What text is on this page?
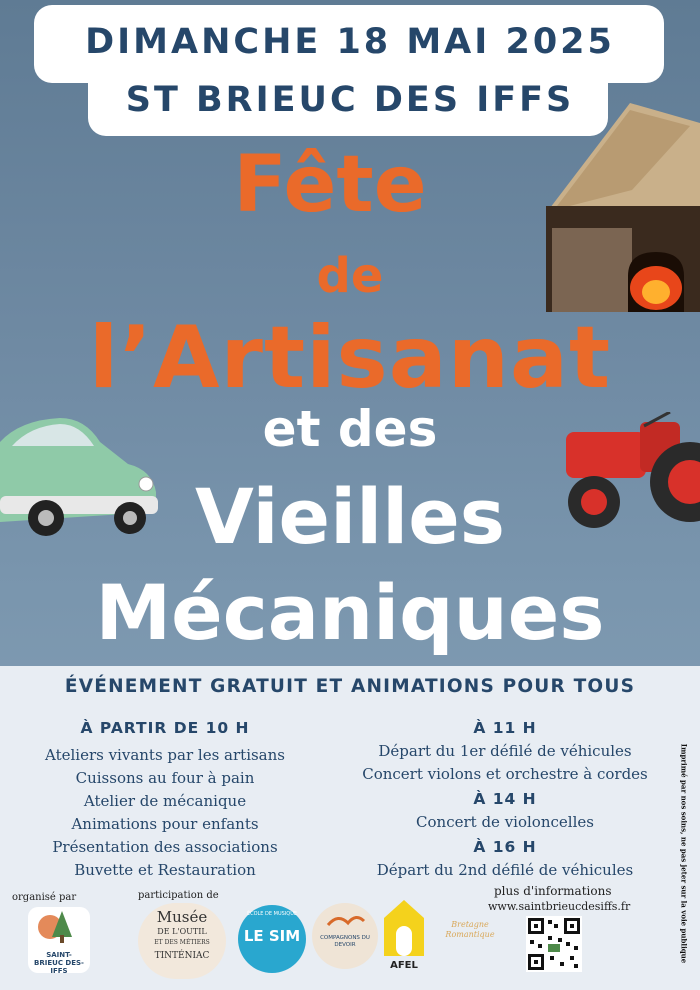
DIMANCHE 18 MAI 2025
ST BRIEUC DES IFFS
Fête
de
l’Artisanat
et des
Vieilles
Mécaniques
ÉVÉNEMENT GRATUIT ET ANIMATIONS POUR TOUS
À PARTIR DE 10 H
Ateliers vivants par les artisans
Cuissons au four à pain
Atelier de mécanique
Animations pour enfants
Présentation des associations
Buvette et Restauration
À 11 H
Départ du 1er défilé de véhicules
Concert violons et orchestre à cordes
À 14 H
Concert de violoncelles
À 16 H
Départ du 2nd défilé de véhicules	Imprimé par nos soins, ne pas jeter sur la voie publique
organisé par	participation de
SAINT-BRIEUC DES-IFFS
Musée
DE L'OUTIL
ET DES MÉTIERS
TINTÉNIAC
ÉCOLE DE MUSIQUE
LE SIM	COMPAGNONS DU DEVOIR
AFEL
Bretagne Romantique
plus d'informations
www.saintbrieucdesiffs.fr
